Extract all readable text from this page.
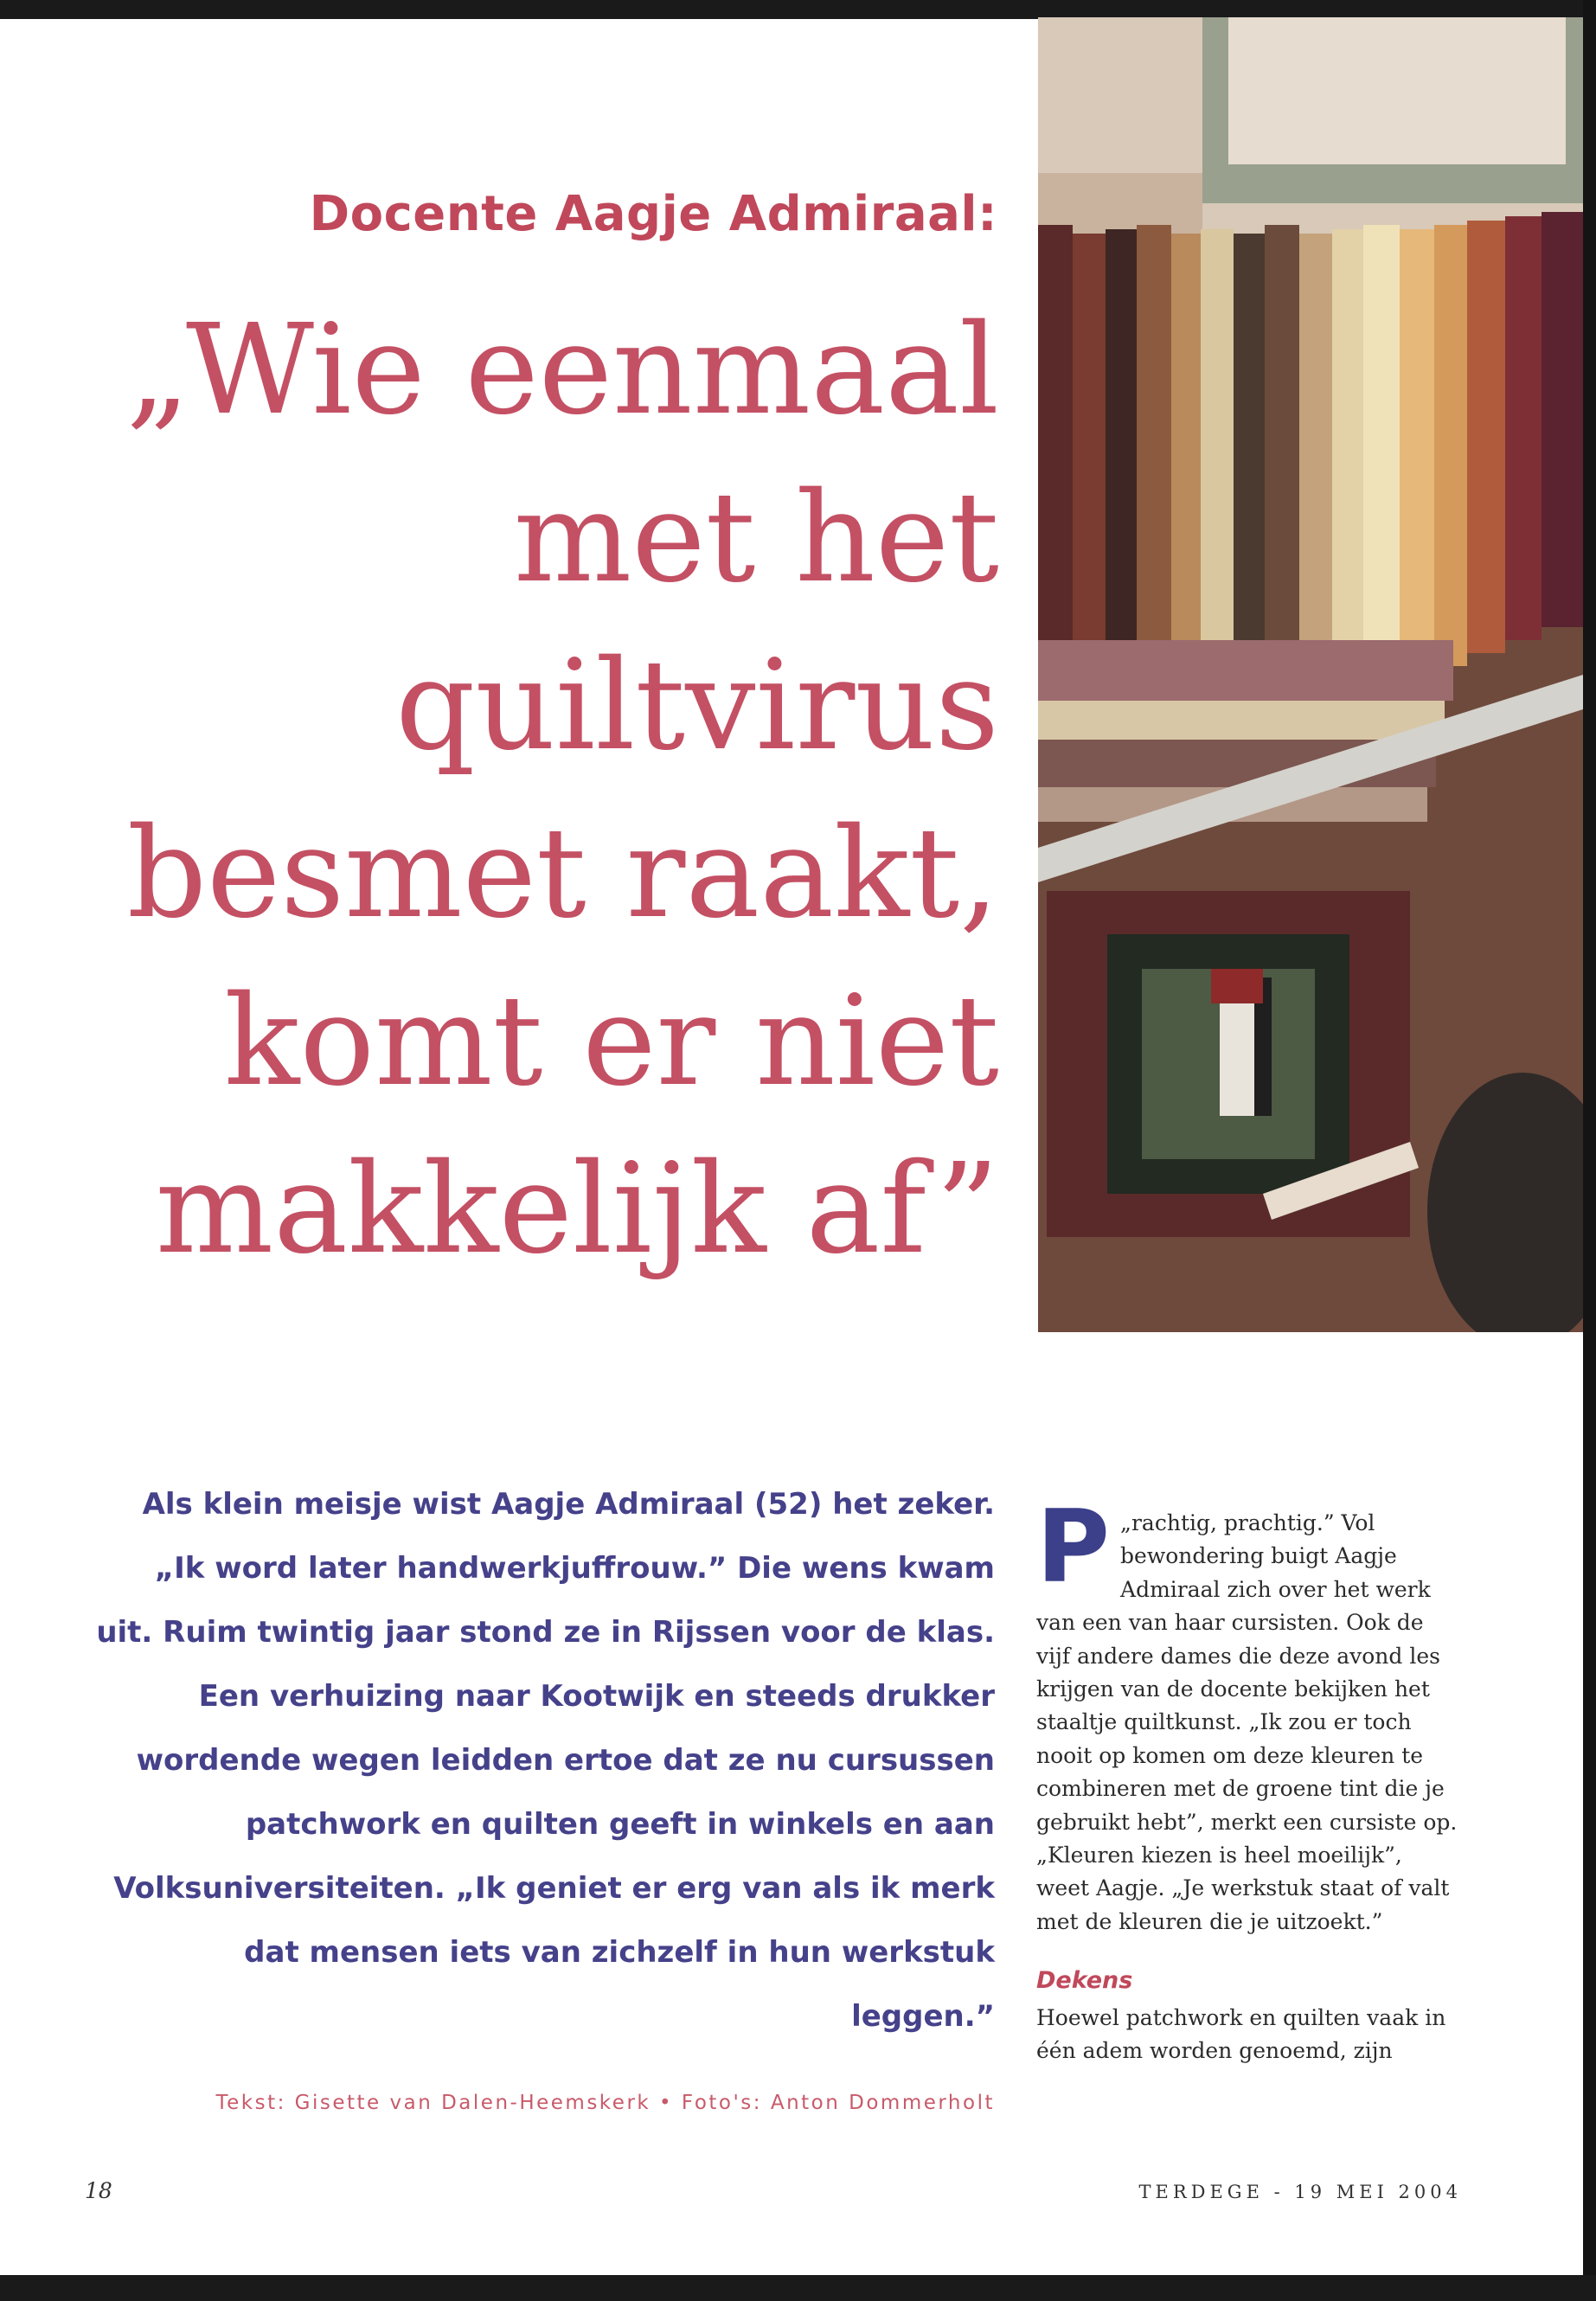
Docente Aagje Admiraal:
„Wie eenmaal
met het
quiltvirus
besmet raakt,
komt er niet
makkelijk af”

Als klein meisje wist Aagje Admiraal (52) het zeker. „Ik word later handwerkjuffrouw.” Die wens kwam uit. Ruim twintig jaar stond ze in Rijssen voor de klas. Een verhuizing naar Kootwijk en steeds drukker wordende wegen leidden ertoe dat ze nu cursussen patchwork en quilten geeft in winkels en aan Volksuniversiteiten. „Ik geniet er erg van als ik merk dat mensen iets van zichzelf in hun werkstuk leggen.”

Tekst: Gisette van Dalen-Heemskerk • Foto's: Anton Dommerholt
P „rachtig, prachtig.” Vol bewondering buigt Aagje Admiraal zich over het werk van een van haar cursisten. Ook de vijf andere dames die deze avond les krijgen van de docente bekijken het staaltje quiltkunst. „Ik zou er toch nooit op komen om deze kleuren te combineren met de groene tint die je gebruikt hebt”, merkt een cursiste op. „Kleuren kiezen is heel moeilijk”, weet Aagje. „Je werkstuk staat of valt met de kleuren die je uitzoekt.”

Dekens

Hoewel patchwork en quilten vaak in één adem worden genoemd, zijn

18	TERDEGE - 19 MEI 2004
